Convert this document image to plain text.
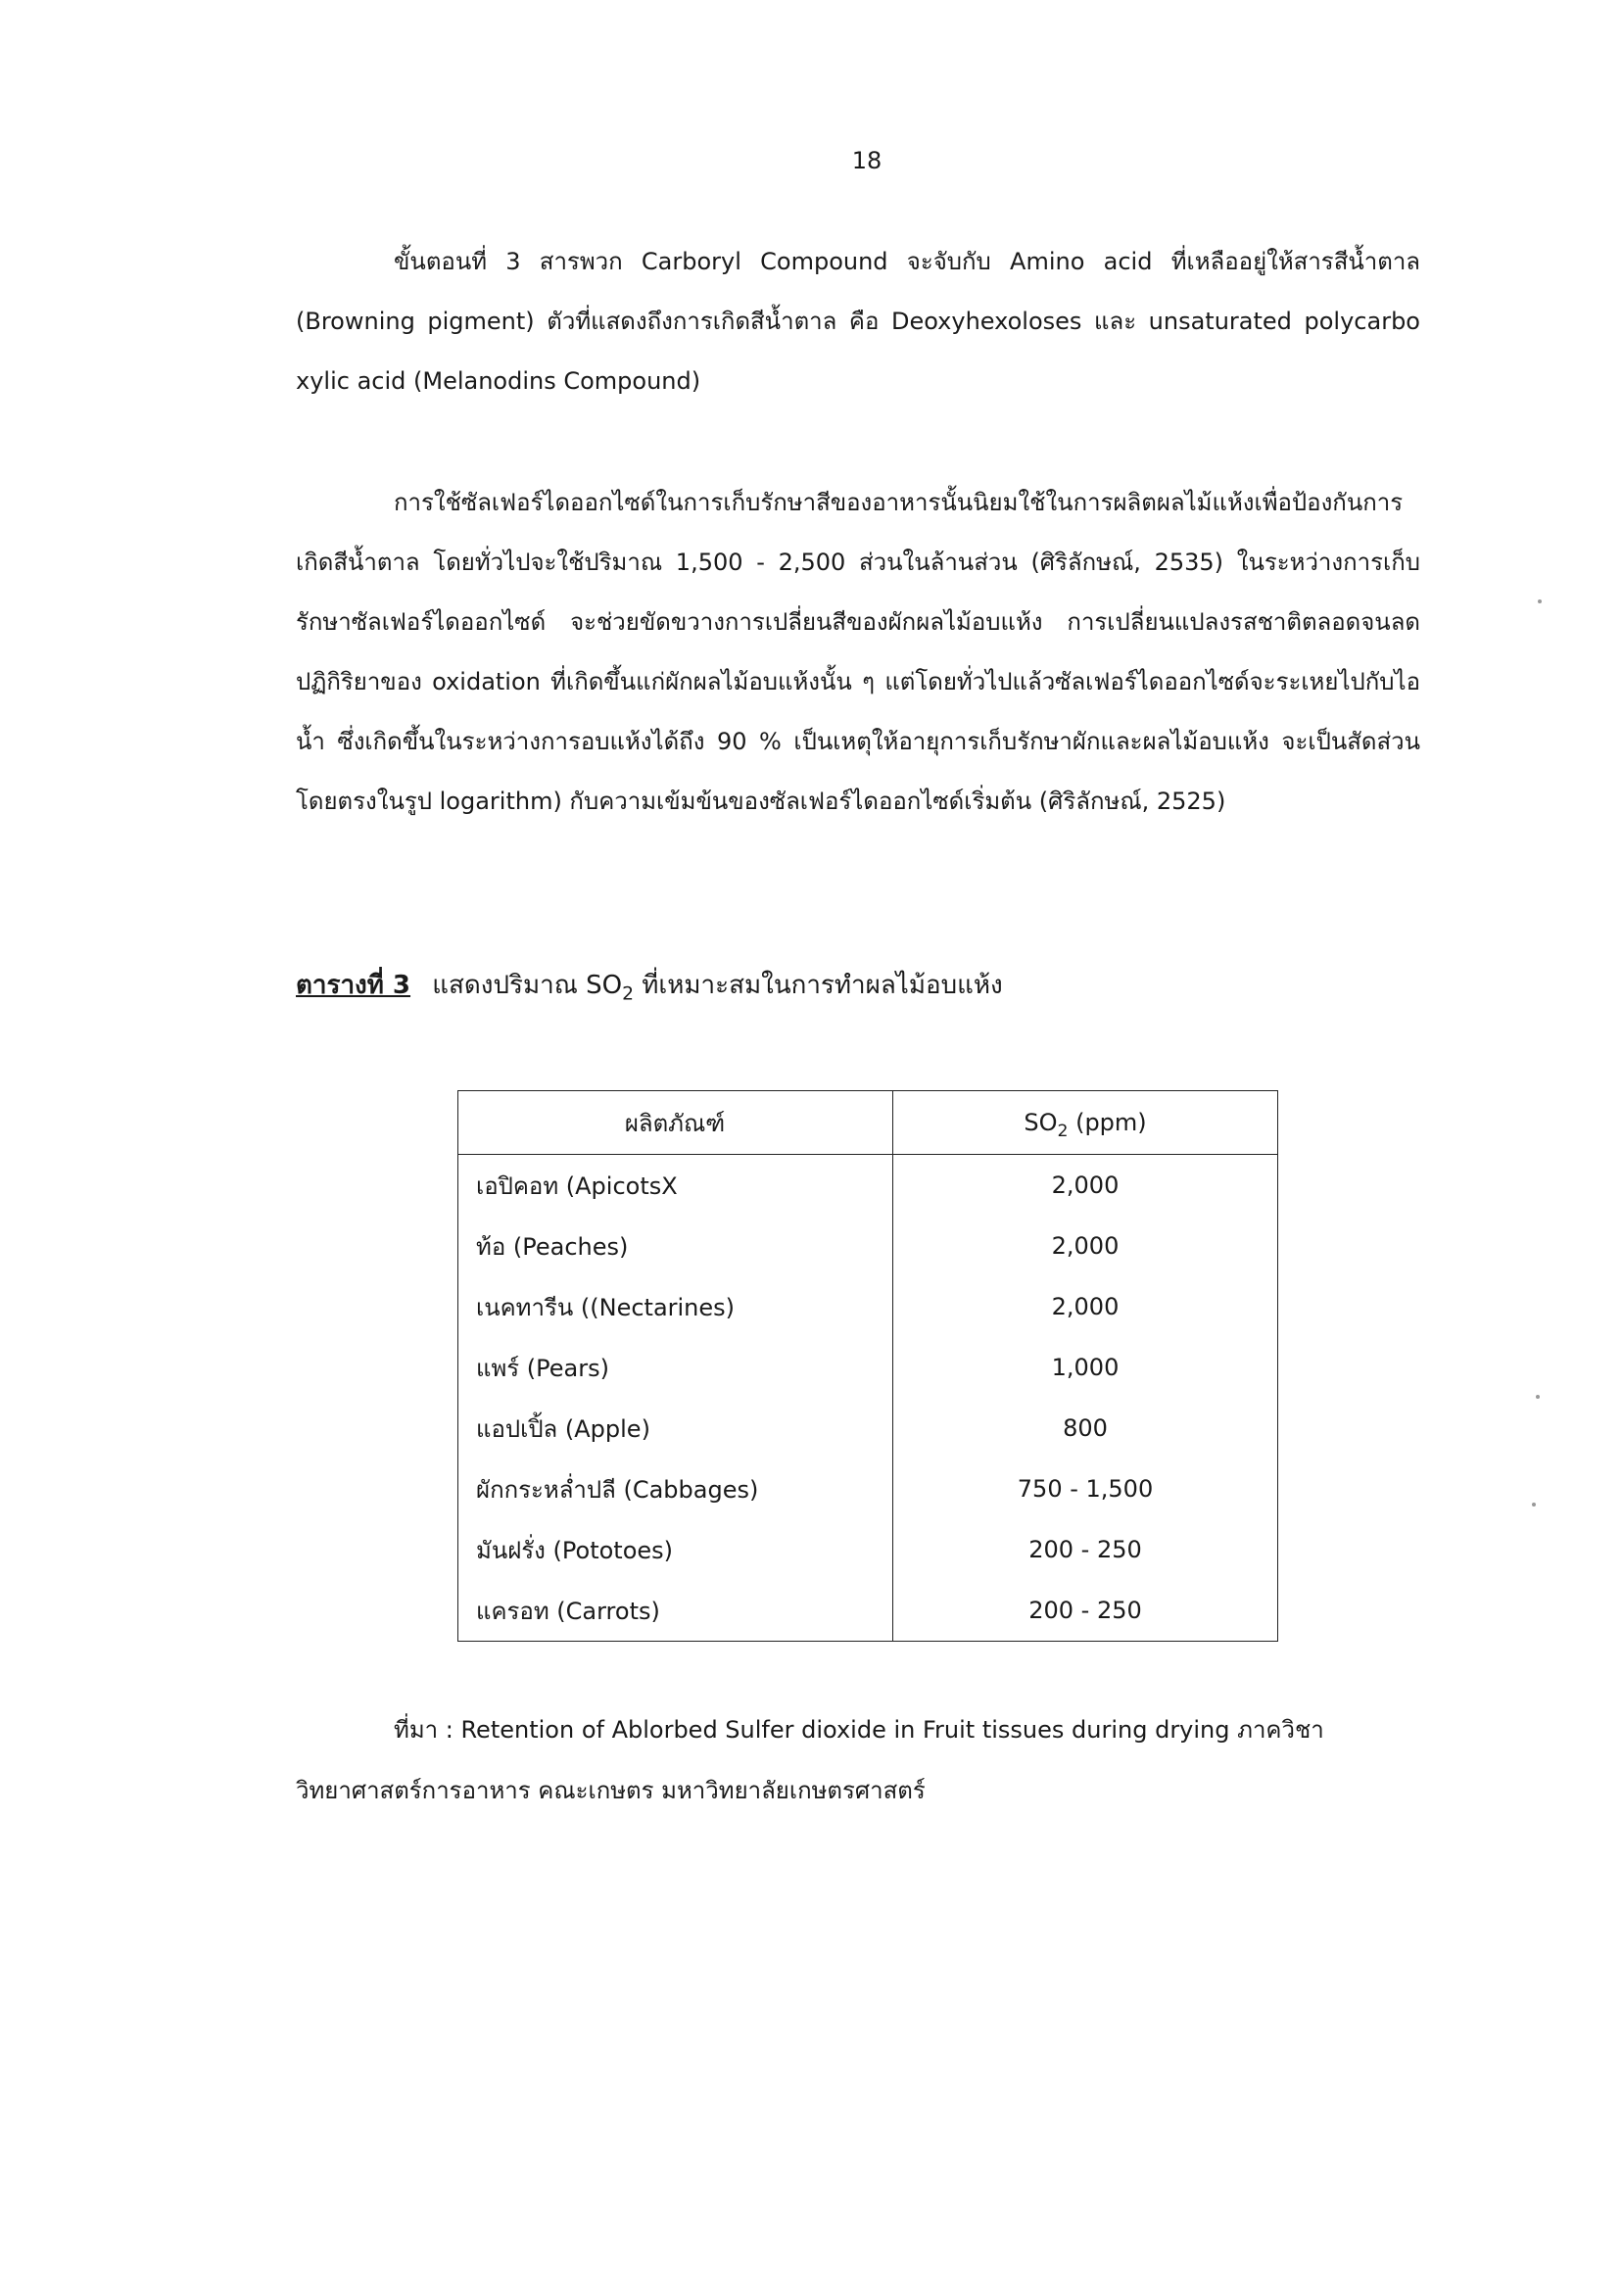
18

ขั้นตอนที่ 3 สารพวก Carboryl Compound จะจับกับ Amino acid ที่เหลืออยู่ให้สารสีน้ำตาล (Browning pigment) ตัวที่แสดงถึงการเกิดสีน้ำตาล คือ Deoxyhexoloses และ unsaturated polycarbo xylic acid (Melanodins Compound)

การใช้ซัลเฟอร์ไดออกไซด์ในการเก็บรักษาสีของอาหารนั้นนิยมใช้ในการผลิตผลไม้แห้งเพื่อป้องกันการเกิดสีน้ำตาล โดยทั่วไปจะใช้ปริมาณ 1,500 - 2,500 ส่วนในล้านส่วน (ศิริลักษณ์, 2535) ในระหว่างการเก็บรักษาซัลเฟอร์ไดออกไซด์ จะช่วยขัดขวางการเปลี่ยนสีของผักผลไม้อบแห้ง การเปลี่ยนแปลงรสชาติตลอดจนลดปฏิกิริยาของ oxidation ที่เกิดขึ้นแก่ผักผลไม้อบแห้งนั้น ๆ แต่โดยทั่วไปแล้วซัลเฟอร์ไดออกไซด์จะระเหยไปกับไอน้ำ ซึ่งเกิดขึ้นในระหว่างการอบแห้งได้ถึง 90 % เป็นเหตุให้อายุการเก็บรักษาผักและผลไม้อบแห้ง จะเป็นสัดส่วนโดยตรงในรูป logarithm) กับความเข้มข้นของซัลเฟอร์ไดออกไซด์เริ่มต้น (ศิริลักษณ์, 2525)

ตารางที่ 3 แสดงปริมาณ $SO_2$ ที่เหมาะสมในการทำผลไม้อบแห้ง
ผลิตภัณฑ์	$SO_2$ (ppm)
เอปิคอท (ApicotsX	2,000
ท้อ (Peaches)	2,000
เนคทารีน ((Nectarines)	2,000
แพร์ (Pears)	1,000
แอปเปิ้ล (Apple)	800
ผักกระหล่ำปลี (Cabbages)	750 - 1,500
มันฝรั่ง (Pototoes)	200 - 250
แครอท (Carrots)	200 - 250

ที่มา : Retention of Ablorbed Sulfer dioxide in Fruit tissues during drying ภาควิชาวิทยาศาสตร์การอาหาร คณะเกษตร มหาวิทยาลัยเกษตรศาสตร์
